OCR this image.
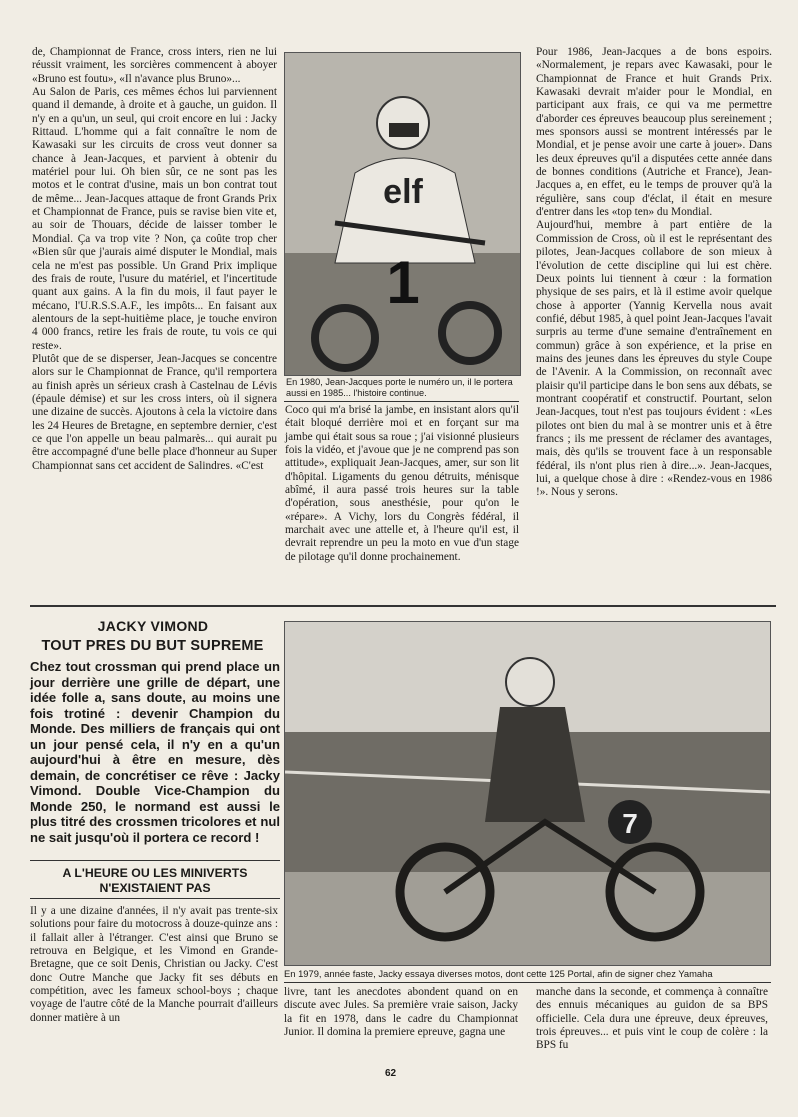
de, Championnat de France, cross inters, rien ne lui réussit vraiment, les sorcières commencent à aboyer «Bruno est foutu», «Il n'avance plus Bruno»...

Au Salon de Paris, ces mêmes échos lui parviennent quand il demande, à droite et à gauche, un guidon. Il n'y en a qu'un, un seul, qui croit encore en lui : Jacky Rittaud. L'homme qui a fait connaître le nom de Kawasaki sur les circuits de cross veut donner sa chance à Jean-Jacques, et parvient à obtenir du matériel pour lui. Oh bien sûr, ce ne sont pas les motos et le contrat d'usine, mais un bon contrat tout de même... Jean-Jacques attaque de front Grands Prix et Championnat de France, puis se ravise bien vite et, au soir de Thouars, décide de laisser tomber le Mondial. Ça va trop vite ? Non, ça coûte trop cher «Bien sûr que j'aurais aimé disputer le Mondial, mais cela ne m'est pas possible. Un Grand Prix implique des frais de route, l'usure du matériel, et l'incertitude quant aux gains. A la fin du mois, il faut payer le mécano, l'U.R.S.S.A.F., les impôts... En faisant aux alentours de la sept-huitième place, je touche environ 4 000 francs, retire les frais de route, tu vois ce qui reste».

Plutôt que de se disperser, Jean-Jacques se concentre alors sur le Championnat de France, qu'il remportera au finish après un sérieux crash à Castelnau de Lévis (épaule démise) et sur les cross inters, où il signera une dizaine de succès. Ajoutons à cela la victoire dans les 24 Heures de Bretagne, en septembre dernier, c'est ce que l'on appelle un beau palmarès... qui aurait pu être accompagné d'une belle place d'honneur au Super Championnat sans cet accident de Salindres. «C'est

elf
1
En 1980, Jean-Jacques porte le numéro un, il le portera aussi en 1985... l'histoire continue.

Coco qui m'a brisé la jambe, en insistant alors qu'il était bloqué derrière moi et en forçant sur ma jambe qui était sous sa roue ; j'ai visionné plusieurs fois la vidéo, et j'avoue que je ne comprend pas son attitude», expliquait Jean-Jacques, amer, sur son lit d'hôpital. Ligaments du genou détruits, ménisque abîmé, il aura passé trois heures sur la table d'opération, sous anesthésie, pour qu'on le «répare». A Vichy, lors du Congrès fédéral, il marchait avec une attelle et, à l'heure qu'il est, il devrait reprendre un peu la moto en vue d'un stage de pilotage qu'il donne prochainement.

Pour 1986, Jean-Jacques a de bons espoirs. «Normalement, je repars avec Kawasaki, pour le Championnat de France et huit Grands Prix. Kawasaki devrait m'aider pour le Mondial, en participant aux frais, ce qui va me permettre d'aborder ces épreuves beaucoup plus sereinement ; mes sponsors aussi se montrent intéressés par le Mondial, et je pense avoir une carte à jouer». Dans les deux épreuves qu'il a disputées cette année dans de bonnes conditions (Autriche et France), Jean-Jacques a, en effet, eu le temps de prouver qu'à la régulière, sans coup d'éclat, il était en mesure d'entrer dans les «top ten» du Mondial.

Aujourd'hui, membre à part entière de la Commission de Cross, où il est le représentant des pilotes, Jean-Jacques collabore de son mieux à l'évolution de cette discipline qui lui est chère. Deux points lui tiennent à cœur : la formation physique de ses pairs, et là il estime avoir quelque chose à apporter (Yannig Kervella nous avait confié, début 1985, à quel point Jean-Jacques l'avait surpris au terme d'une semaine d'entraînement en commun) grâce à son expérience, et la prise en mains des jeunes dans les épreuves du style Coupe de l'Avenir. A la Commission, on reconnaît avec plaisir qu'il participe dans le bon sens aux débats, se montrant coopératif et constructif. Pourtant, selon Jean-Jacques, tout n'est pas toujours évident : «Les pilotes ont bien du mal à se montrer unis et à être francs ; ils me pressent de réclamer des avantages, mais, dès qu'ils se trouvent face à un responsable fédéral, ils n'ont plus rien à dire...». Jean-Jacques, lui, a quelque chose à dire : «Rendez-vous en 1986 !». Nous y serons.

JACKY VIMOND
TOUT PRES DU BUT SUPREME
Chez tout crossman qui prend place un jour derrière une grille de départ, une idée folle a, sans doute, au moins une fois trotiné : devenir Champion du Monde. Des milliers de français qui ont un jour pensé cela, il n'y en a qu'un aujourd'hui à être en mesure, dès demain, de concrétiser ce rêve : Jacky Vimond. Double Vice-Champion du Monde 250, le normand est aussi le plus titré des crossmen tricolores et nul ne sait jusqu'où il portera ce record !
A L'HEURE OU LES MINIVERTS N'EXISTAIENT PAS
7
En 1979, année faste, Jacky essaya diverses motos, dont cette 125 Portal, afin de signer chez Yamaha
Il y a une dizaine d'années, il n'y avait pas trente-six solutions pour faire du motocross à douze-quinze ans : il fallait aller à l'étranger. C'est ainsi que Bruno se retrouva en Belgique, et les Vimond en Grande-Bretagne, que ce soit Denis, Christian ou Jacky. C'est donc Outre Manche que Jacky fit ses débuts en compétition, avec les fameux school-boys ; chaque voyage de l'autre côté de la Manche pourrait d'ailleurs donner matière à un
livre, tant les anecdotes abondent quand on en discute avec Jules. Sa première vraie saison, Jacky la fit en 1978, dans le cadre du Championnat Junior. Il domina la premiere epreuve, gagna une
manche dans la seconde, et commença à connaître des ennuis mécaniques au guidon de sa BPS officielle. Cela dura une épreuve, deux épreuves, trois épreuves... et puis vint le coup de colère : la BPS fu
62
